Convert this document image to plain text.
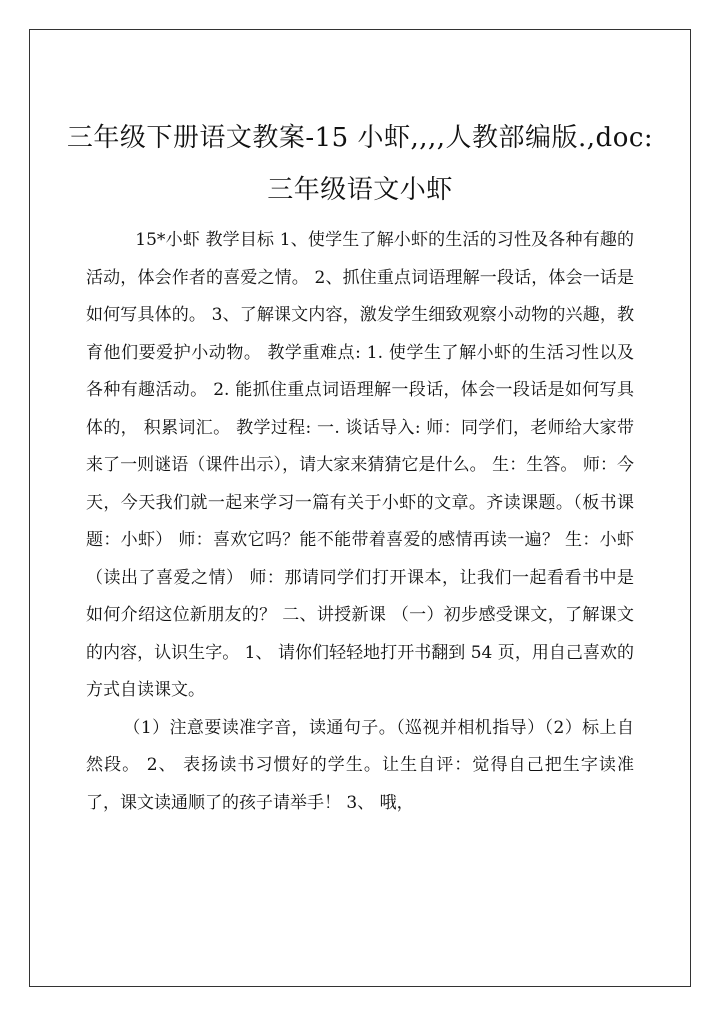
三年级下册语文教案-15 小虾,,,,人教部编版.,doc:三年级语文小虾

15*小虾 教学目标 1、使学生了解小虾的生活的习性及各种有趣的活动，体会作者的喜爱之情。 2、抓住重点词语理解一段话，体会一话是如何写具体的。 3、了解课文内容，激发学生细致观察小动物的兴趣，教育他们要爱护小动物。 教学重难点: 1. 使学生了解小虾的生活习性以及各种有趣活动。 2. 能抓住重点词语理解一段话，体会一段话是如何写具体的， 积累词汇。 教学过程: 一. 谈话导入: 师：同学们，老师给大家带来了一则谜语（课件出示），请大家来猜猜它是什么。 生：生答。 师：今天，今天我们就一起来学习一篇有关于小虾的文章。齐读课题。（板书课题：小虾） 师：喜欢它吗？能不能带着喜爱的感情再读一遍？ 生：小虾（读出了喜爱之情） 师：那请同学们打开课本，让我们一起看看书中是如何介绍这位新朋友的？ 二、讲授新课 （一）初步感受课文，了解课文的内容，认识生字。 1、 请你们轻轻地打开书翻到 54 页，用自己喜欢的方式自读课文。

（1）注意要读准字音，读通句子。（巡视并相机指导）（2）标上自然段。 2、 表扬读书习惯好的学生。让生自评：觉得自己把生字读准了，课文读通顺了的孩子请举手！ 3、 哦，
